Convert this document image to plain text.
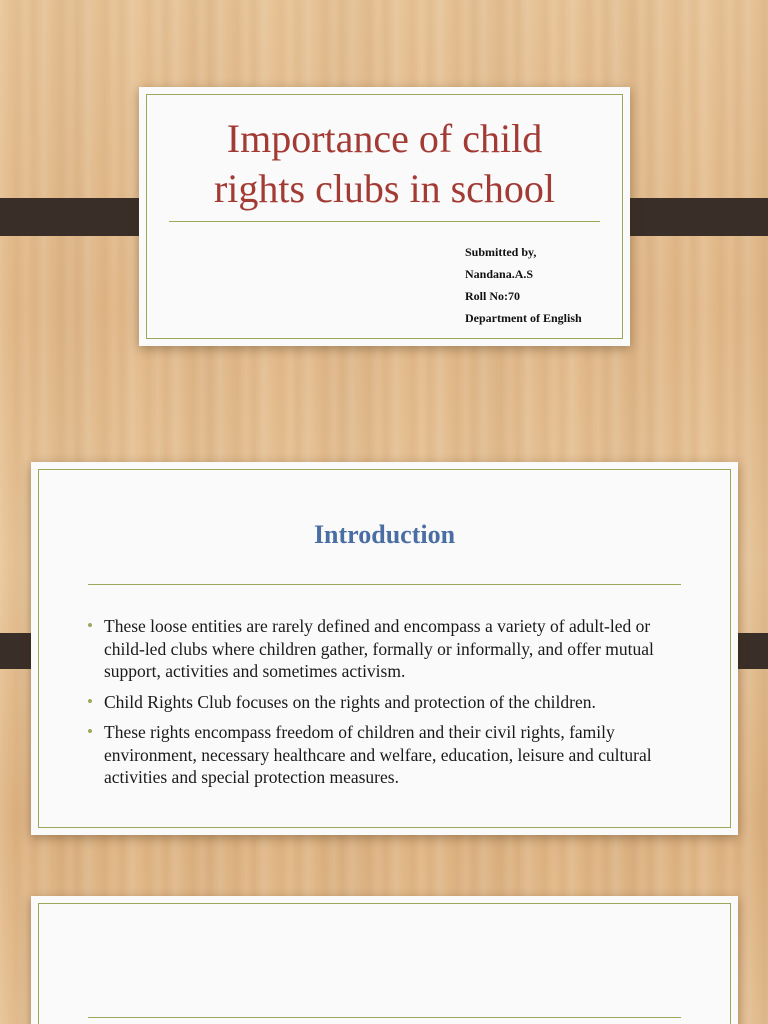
Importance of child
rights clubs in school
Submitted by,
Nandana.A.S
Roll No:70
Department of English
Introduction
• These loose entities are rarely defined and encompass a variety of adult-led or child-led clubs where children gather, formally or informally, and offer mutual support, activities and sometimes activism.
• Child Rights Club focuses on the rights and protection of the children.
• These rights encompass freedom of children and their civil rights, family environment, necessary healthcare and welfare, education, leisure and cultural activities and special protection measures.
